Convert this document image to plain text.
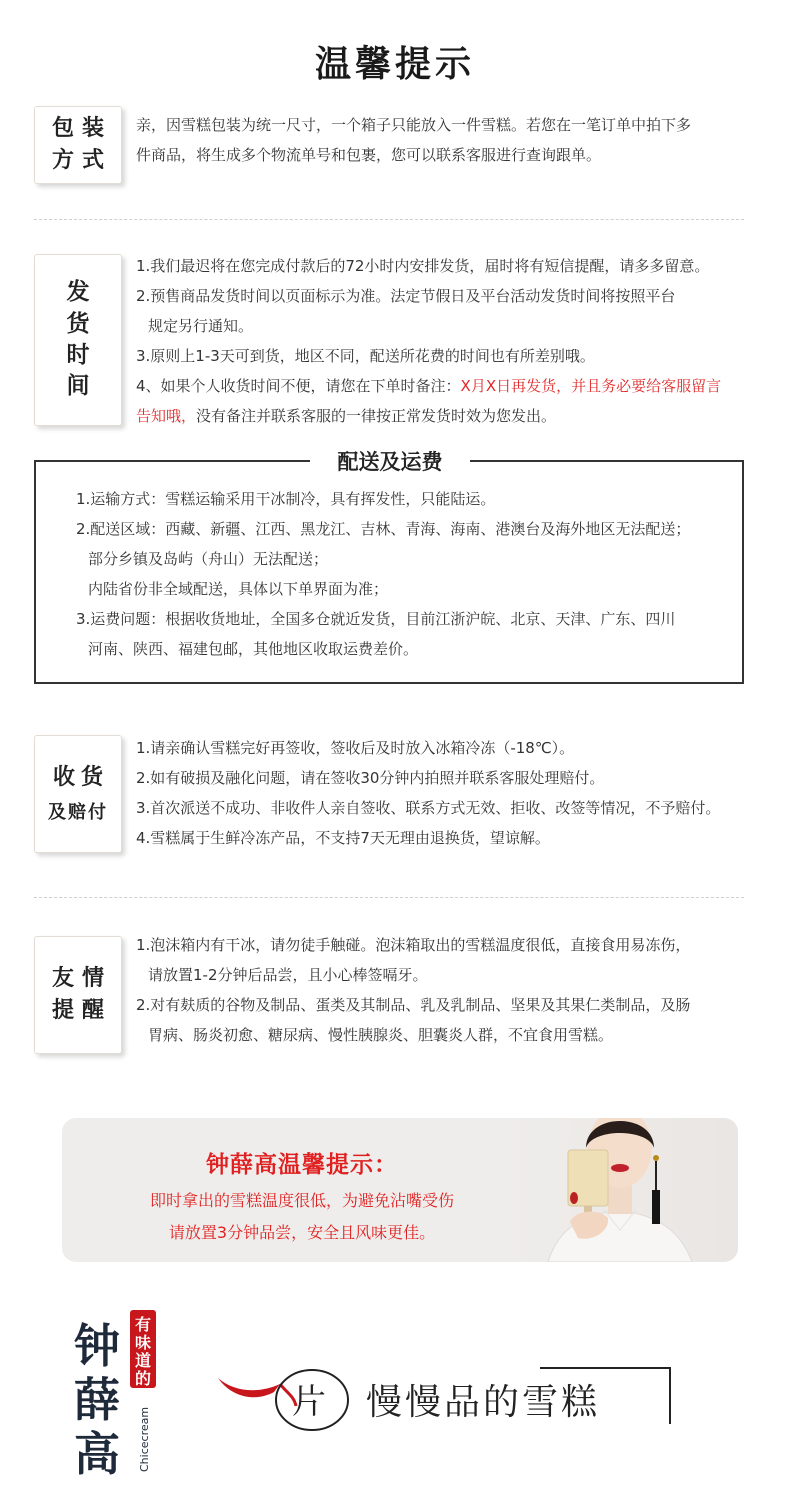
温馨提示
包装
方式

亲，因雪糕包装为统一尺寸，一个箱子只能放入一件雪糕。若您在一笔订单中拍下多

件商品，将生成多个物流单号和包裹，您可以联系客服进行查询跟单。

发
货
时
间

1.我们最迟将在您完成付款后的72小时内安排发货，届时将有短信提醒，请多多留意。

2.预售商品发货时间以页面标示为准。法定节假日及平台活动发货时间将按照平台

规定另行通知。

3.原则上1-3天可到货，地区不同，配送所花费的时间也有所差别哦。

4、如果个人收货时间不便，请您在下单时备注：X月X日再发货，并且务必要给客服留言

告知哦，没有备注并联系客服的一律按正常发货时效为您发出。

配送及运费

1.运输方式：雪糕运输采用干冰制冷，具有挥发性，只能陆运。

2.配送区域：西藏、新疆、江西、黑龙江、吉林、青海、海南、港澳台及海外地区无法配送；

部分乡镇及岛屿（舟山）无法配送；

内陆省份非全域配送，具体以下单界面为准；

3.运费问题：根据收货地址，全国多仓就近发货，目前江浙沪皖、北京、天津、广东、四川

河南、陕西、福建包邮，其他地区收取运费差价。

收货
及赔付

1.请亲确认雪糕完好再签收，签收后及时放入冰箱冷冻（-18℃）。

2.如有破损及融化问题，请在签收30分钟内拍照并联系客服处理赔付。

3.首次派送不成功、非收件人亲自签收、联系方式无效、拒收、改签等情况，不予赔付。

4.雪糕属于生鲜冷冻产品，不支持7天无理由退换货，望谅解。

友情
提醒

1.泡沫箱内有干冰，请勿徒手触碰。泡沫箱取出的雪糕温度很低，直接食用易冻伤，

请放置1-2分钟后品尝，且小心棒签嗝牙。

2.对有麸质的谷物及制品、蛋类及其制品、乳及乳制品、坚果及其果仁类制品，及肠

胃病、肠炎初愈、糖尿病、慢性胰腺炎、胆囊炎人群，不宜食用雪糕。

钟薛高温馨提示：
即时拿出的雪糕温度很低，为避免沾嘴受伤
请放置3分钟品尝，安全且风味更佳。
钟
薛
高
有
味
道
的
Chicecream
片 慢慢品的雪糕
